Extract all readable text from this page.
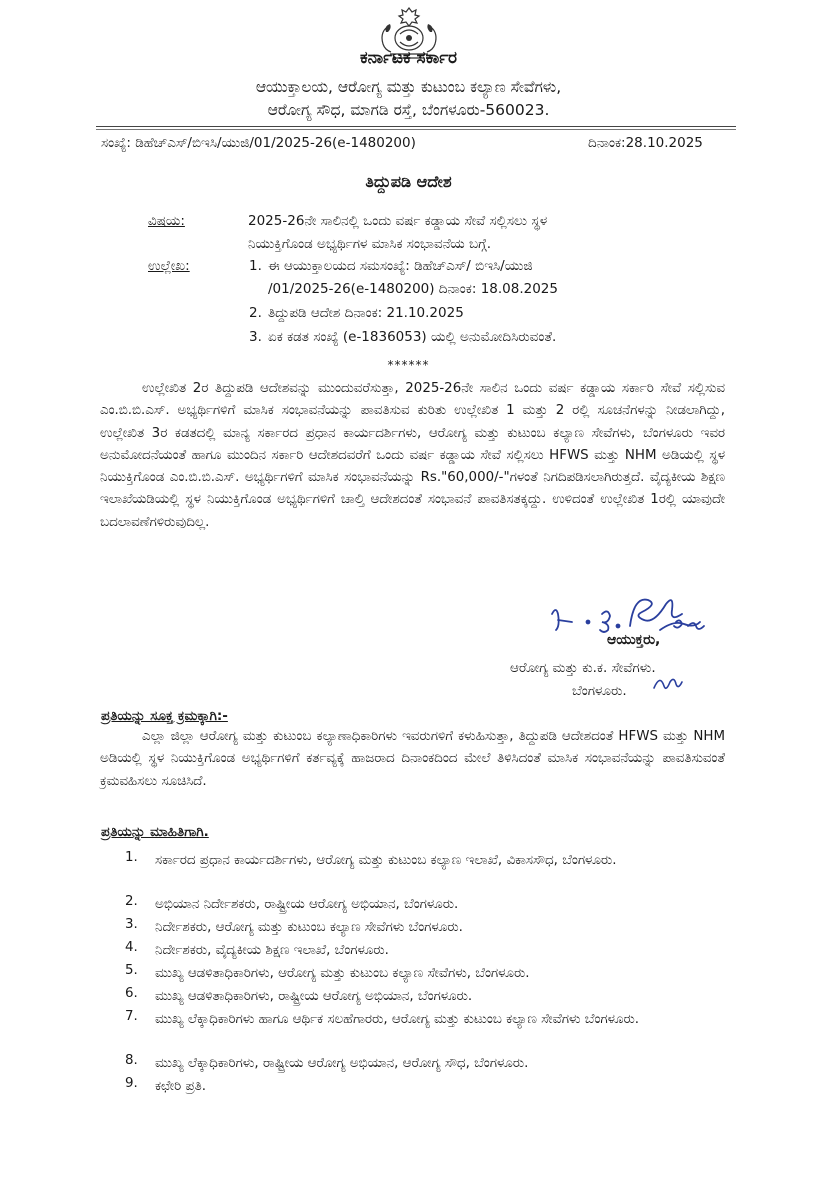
ಕರ್ನಾಟಕ ಸರ್ಕಾರ
ಆಯುಕ್ತಾಲಯ, ಆರೋಗ್ಯ ಮತ್ತು ಕುಟುಂಬ ಕಲ್ಯಾಣ ಸೇವೆಗಳು,
ಆರೋಗ್ಯ ಸೌಧ, ಮಾಗಡಿ ರಸ್ತೆ, ಬೆಂಗಳೂರು-560023.
ಸಂಖ್ಯೆ: ಡಿಹೆಚ್‌ಎಸ್/ಬಿಇಸಿ/ಯುಜಿ/01/2025-26(e-1480200)	ದಿನಾಂಕ:28.10.2025
ತಿದ್ದುಪಡಿ ಆದೇಶ
ವಿಷಯ:	2025-26ನೇ ಸಾಲಿನಲ್ಲಿ ಒಂದು ವರ್ಷ ಕಡ್ಡಾಯ ಸೇವೆ ಸಲ್ಲಿಸಲು ಸ್ಥಳ
ನಿಯುಕ್ತಿಗೊಂಡ ಅಭ್ಯರ್ಥಿಗಳ ಮಾಸಿಕ ಸಂಭಾವನೆಯ ಬಗ್ಗೆ.
ಉಲ್ಲೇಖ:	1. ಈ ಆಯುಕ್ತಾಲಯದ ಸಮಸಂಖ್ಯೆ: ಡಿಹೆಚ್‌ಎಸ್/ ಬಿಇಸಿ/ಯುಜಿ
/01/2025-26(e-1480200) ದಿನಾಂಕ: 18.08.2025
2. ತಿದ್ದುಪಡಿ ಆದೇಶ ದಿನಾಂಕ: 21.10.2025
3. ಏಕ ಕಡತ ಸಂಖ್ಯೆ (e-1836053) ಯಲ್ಲಿ ಅನುಮೋದಿಸಿರುವಂತೆ.
******

ಉಲ್ಲೇಖಿತ 2ರ ತಿದ್ದುಪಡಿ ಆದೇಶವನ್ನು ಮುಂದುವರೆಸುತ್ತಾ, 2025-26ನೇ ಸಾಲಿನ ಒಂದು ವರ್ಷ ಕಡ್ಡಾಯ ಸರ್ಕಾರಿ ಸೇವೆ ಸಲ್ಲಿಸುವ ಎಂ.ಬಿ.ಬಿ.ಎಸ್. ಅಭ್ಯರ್ಥಿಗಳಿಗೆ ಮಾಸಿಕ ಸಂಭಾವನೆಯನ್ನು ಪಾವತಿಸುವ ಕುರಿತು ಉಲ್ಲೇಖಿತ 1 ಮತ್ತು 2 ರಲ್ಲಿ ಸೂಚನೆಗಳನ್ನು ನೀಡಲಾಗಿದ್ದು, ಉಲ್ಲೇಖಿತ 3ರ ಕಡತದಲ್ಲಿ ಮಾನ್ಯ ಸರ್ಕಾರದ ಪ್ರಧಾನ ಕಾರ್ಯದರ್ಶಿಗಳು, ಆರೋಗ್ಯ ಮತ್ತು ಕುಟುಂಬ ಕಲ್ಯಾಣ ಸೇವೆಗಳು, ಬೆಂಗಳೂರು ಇವರ ಅನುಮೋದನೆಯಂತೆ ಹಾಗೂ ಮುಂದಿನ ಸರ್ಕಾರಿ ಆದೇಶದವರೆಗೆ ಒಂದು ವರ್ಷ ಕಡ್ಡಾಯ ಸೇವೆ ಸಲ್ಲಿಸಲು HFWS ಮತ್ತು NHM ಅಡಿಯಲ್ಲಿ ಸ್ಥಳ ನಿಯುಕ್ತಿಗೊಂಡ ಎಂ.ಬಿ.ಬಿ.ಎಸ್. ಅಭ್ಯರ್ಥಿಗಳಿಗೆ ಮಾಸಿಕ ಸಂಭಾವನೆಯನ್ನು Rs."60,000/-"ಗಳಂತೆ ನಿಗದಿಪಡಿಸಲಾಗಿರುತ್ತದೆ. ವೈದ್ಯಕೀಯ ಶಿಕ್ಷಣ ಇಲಾಖೆಯಡಿಯಲ್ಲಿ ಸ್ಥಳ ನಿಯುಕ್ತಿಗೊಂಡ ಅಭ್ಯರ್ಥಿಗಳಿಗೆ ಚಾಲ್ತಿ ಆದೇಶದಂತೆ ಸಂಭಾವನೆ ಪಾವತಿಸತಕ್ಕದ್ದು. ಉಳಿದಂತೆ ಉಲ್ಲೇಖಿತ 1ರಲ್ಲಿ ಯಾವುದೇ ಬದಲಾವಣೆಗಳಿರುವುದಿಲ್ಲ.

ಆಯುಕ್ತರು,
ಆರೋಗ್ಯ ಮತ್ತು ಕು.ಕ. ಸೇವೆಗಳು.
ಬೆಂಗಳೂರು.
ಪ್ರತಿಯನ್ನು ಸೂಕ್ತ ಕ್ರಮಕ್ಕಾಗಿ:-
ಎಲ್ಲಾ ಜಿಲ್ಲಾ ಆರೋಗ್ಯ ಮತ್ತು ಕುಟುಂಬ ಕಲ್ಯಾಣಾಧಿಕಾರಿಗಳು ಇವರುಗಳಿಗೆ ಕಳುಹಿಸುತ್ತಾ, ತಿದ್ದುಪಡಿ ಆದೇಶದಂತೆ HFWS ಮತ್ತು NHM ಅಡಿಯಲ್ಲಿ ಸ್ಥಳ ನಿಯುಕ್ತಿಗೊಂಡ ಅಭ್ಯರ್ಥಿಗಳಿಗೆ ಕರ್ತವ್ಯಕ್ಕೆ ಹಾಜರಾದ ದಿನಾಂಕದಿಂದ ಮೇಲೆ ತಿಳಿಸಿದಂತೆ ಮಾಸಿಕ ಸಂಭಾವನೆಯನ್ನು ಪಾವತಿಸುವಂತೆ ಕ್ರಮವಹಿಸಲು ಸೂಚಿಸಿದೆ.
ಪ್ರತಿಯನ್ನು ಮಾಹಿತಿಗಾಗಿ.
1.	ಸರ್ಕಾರದ ಪ್ರಧಾನ ಕಾರ್ಯದರ್ಶಿಗಳು, ಆರೋಗ್ಯ ಮತ್ತು ಕುಟುಂಬ ಕಲ್ಯಾಣ ಇಲಾಖೆ, ವಿಕಾಸಸೌಧ, ಬೆಂಗಳೂರು.
2.	ಅಭಿಯಾನ ನಿರ್ದೇಶಕರು, ರಾಷ್ಟ್ರೀಯ ಆರೋಗ್ಯ ಅಭಿಯಾನ, ಬೆಂಗಳೂರು.
3.	ನಿರ್ದೇಶಕರು, ಆರೋಗ್ಯ ಮತ್ತು ಕುಟುಂಬ ಕಲ್ಯಾಣ ಸೇವೆಗಳು ಬೆಂಗಳೂರು.
4.	ನಿರ್ದೇಶಕರು, ವೈದ್ಯಕೀಯ ಶಿಕ್ಷಣ ಇಲಾಖೆ, ಬೆಂಗಳೂರು.
5.	ಮುಖ್ಯ ಆಡಳಿತಾಧಿಕಾರಿಗಳು, ಆರೋಗ್ಯ ಮತ್ತು ಕುಟುಂಬ ಕಲ್ಯಾಣ ಸೇವೆಗಳು, ಬೆಂಗಳೂರು.
6.	ಮುಖ್ಯ ಆಡಳಿತಾಧಿಕಾರಿಗಳು, ರಾಷ್ಟ್ರೀಯ ಆರೋಗ್ಯ ಅಭಿಯಾನ, ಬೆಂಗಳೂರು.
7.	ಮುಖ್ಯ ಲೆಕ್ಕಾಧಿಕಾರಿಗಳು ಹಾಗೂ ಆರ್ಥಿಕ ಸಲಹೆಗಾರರು, ಆರೋಗ್ಯ ಮತ್ತು ಕುಟುಂಬ ಕಲ್ಯಾಣ ಸೇವೆಗಳು ಬೆಂಗಳೂರು.
8.	ಮುಖ್ಯ ಲೆಕ್ಕಾಧಿಕಾರಿಗಳು, ರಾಷ್ಟ್ರೀಯ ಆರೋಗ್ಯ ಅಭಿಯಾನ, ಆರೋಗ್ಯ ಸೌಧ, ಬೆಂಗಳೂರು.
9.	ಕಛೇರಿ ಪ್ರತಿ.
